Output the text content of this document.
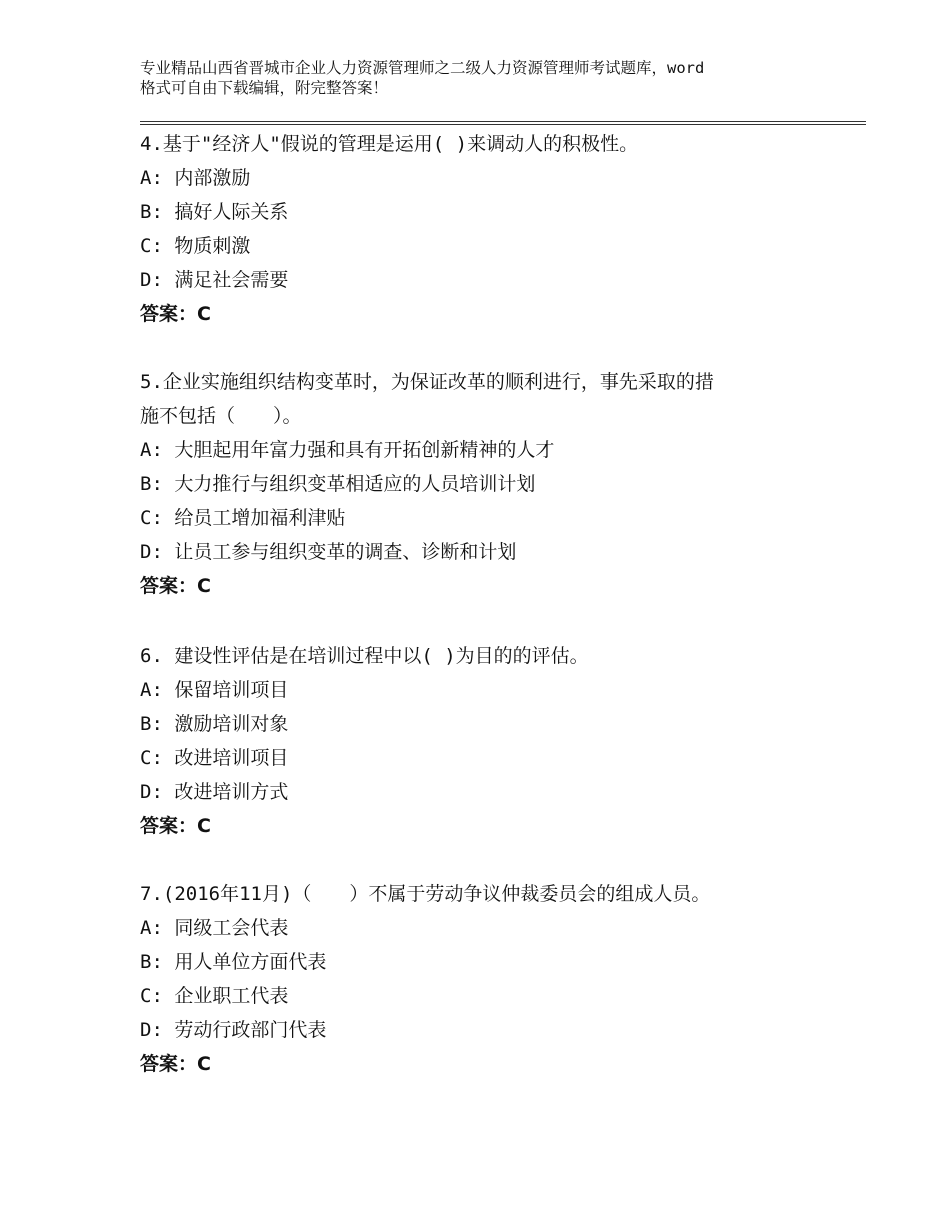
专业精品山西省晋城市企业人力资源管理师之二级人力资源管理师考试题库，word
格式可自由下载编辑，附完整答案！
4.基于"经济人"假说的管理是运用( )来调动人的积极性。
A: 内部激励
B: 搞好人际关系
C: 物质刺激
D: 满足社会需要
答案：C
5.企业实施组织结构变革时，为保证改革的顺利进行，事先采取的措
施不包括（　　）。
A: 大胆起用年富力强和具有开拓创新精神的人才
B: 大力推行与组织变革相适应的人员培训计划
C: 给员工增加福利津贴
D: 让员工参与组织变革的调查、诊断和计划
答案：C
6. 建设性评估是在培训过程中以( )为目的的评估。
A: 保留培训项目
B: 激励培训对象
C: 改进培训项目
D: 改进培训方式
答案：C
7.(2016年11月)（　　）不属于劳动争议仲裁委员会的组成人员。
A: 同级工会代表
B: 用人单位方面代表
C: 企业职工代表
D: 劳动行政部门代表
答案：C
